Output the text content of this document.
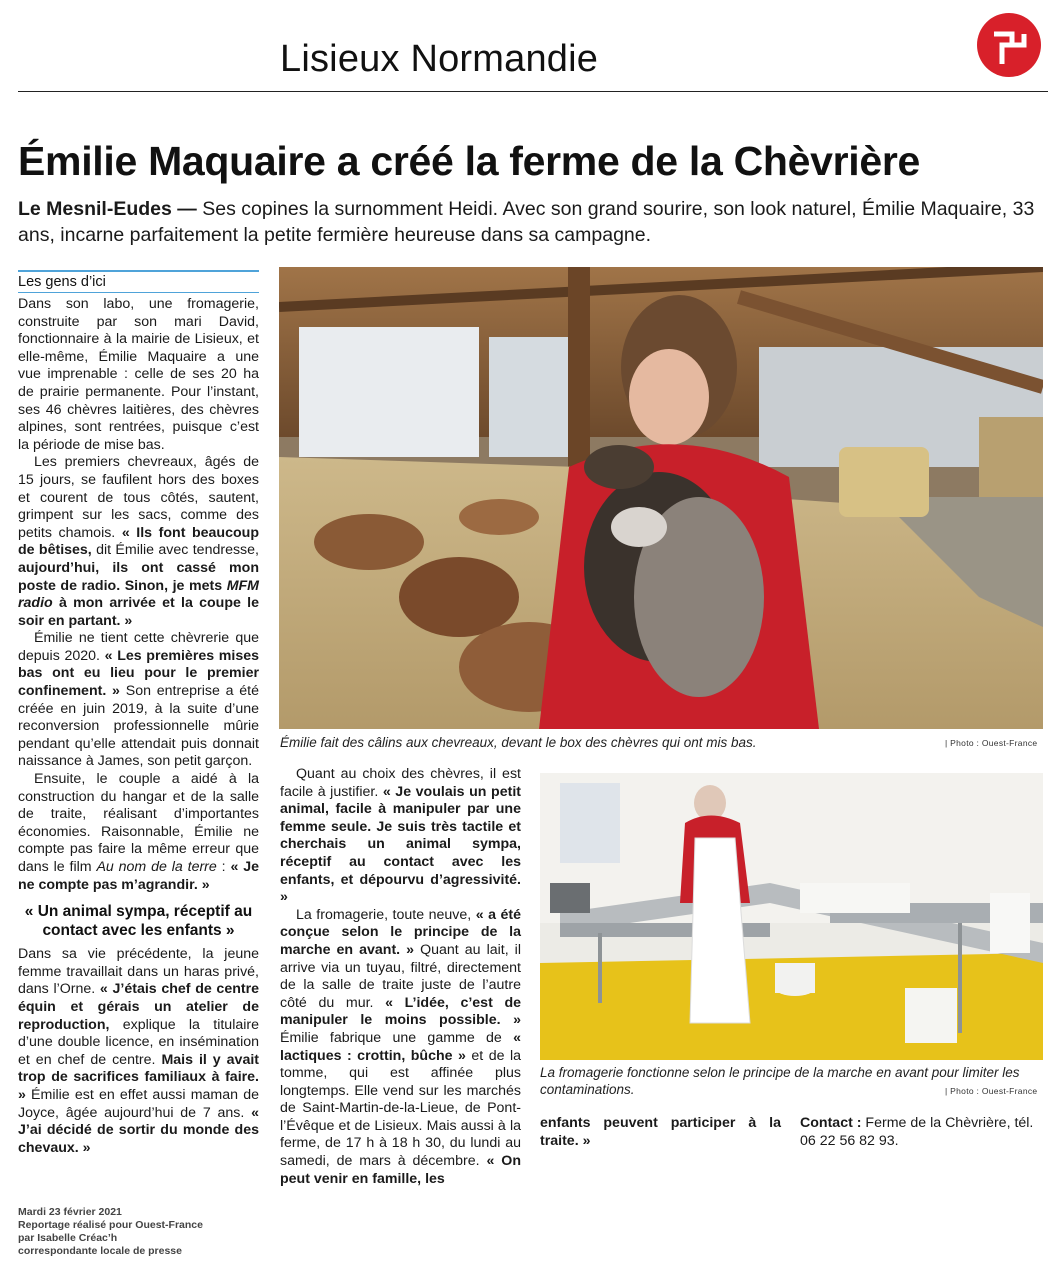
Lisieux Normandie
Émilie Maquaire a créé la ferme de la Chèvrière
Le Mesnil-Eudes — Ses copines la surnomment Heidi. Avec son grand sourire, son look naturel, Émilie Maquaire, 33 ans, incarne parfaitement la petite fermière heureuse dans sa campagne.
Les gens d’ici

Dans son labo, une fromagerie, construite par son mari David, fonctionnaire à la mairie de Lisieux, et elle-même, Émilie Maquaire a une vue imprenable : celle de ses 20 ha de prairie permanente. Pour l’instant, ses 46 chèvres laitières, des chèvres alpines, sont rentrées, puisque c’est la période de mise bas.

Les premiers chevreaux, âgés de 15 jours, se faufilent hors des boxes et courent de tous côtés, sautent, grimpent sur les sacs, comme des petits chamois. « Ils font beaucoup de bêtises, dit Émilie avec tendresse, aujourd’hui, ils ont cassé mon poste de radio. Sinon, je mets MFM radio à mon arrivée et la coupe le soir en partant. »

Émilie ne tient cette chèvrerie que depuis 2020. « Les premières mises bas ont eu lieu pour le premier confinement. » Son entreprise a été créée en juin 2019, à la suite d’une reconversion professionnelle mûrie pendant qu’elle attendait puis donnait naissance à James, son petit garçon.

Ensuite, le couple a aidé à la construction du hangar et de la salle de traite, réalisant d’importantes économies. Raisonnable, Émilie ne compte pas faire la même erreur que dans le film Au nom de la terre : « Je ne compte pas m’agrandir. »

« Un animal sympa, réceptif au contact avec les enfants »

Dans sa vie précédente, la jeune femme travaillait dans un haras privé, dans l’Orne. « J’étais chef de centre équin et gérais un atelier de reproduction, explique la titulaire d’une double licence, en insémination et en chef de centre. Mais il y avait trop de sacrifices familiaux à faire. » Émilie est en effet aussi maman de Joyce, âgée aujourd’hui de 7 ans. « J’ai décidé de sortir du monde des chevaux. »

Émilie fait des câlins aux chevreaux, devant le box des chèvres qui ont mis bas.	| Photo : Ouest-France

Quant au choix des chèvres, il est facile à justifier. « Je voulais un petit animal, facile à manipuler par une femme seule. Je suis très tactile et cherchais un animal sympa, réceptif au contact avec les enfants, et dépourvu d’agressivité. »

La fromagerie, toute neuve, « a été conçue selon le principe de la marche en avant. » Quant au lait, il arrive via un tuyau, filtré, directement de la salle de traite juste de l’autre côté du mur. « L’idée, c’est de manipuler le moins possible. » Émilie fabrique une gamme de « lactiques : crottin, bûche » et de la tomme, qui est affinée plus longtemps. Elle vend sur les marchés de Saint-Martin-de-la-Lieue, de Pont-l’Évêque et de Lisieux. Mais aussi à la ferme, de 17 h à 18 h 30, du lundi au samedi, de mars à décembre. « On peut venir en famille, les

La fromagerie fonctionne selon le principe de la marche en avant pour limiter les contaminations.	| Photo : Ouest-France

enfants peuvent participer à la traite. »

Contact : Ferme de la Chèvrière, tél. 06 22 56 82 93.
Mardi 23 février 2021
Reportage réalisé pour Ouest-France
par Isabelle Créac’h
correspondante locale de presse
